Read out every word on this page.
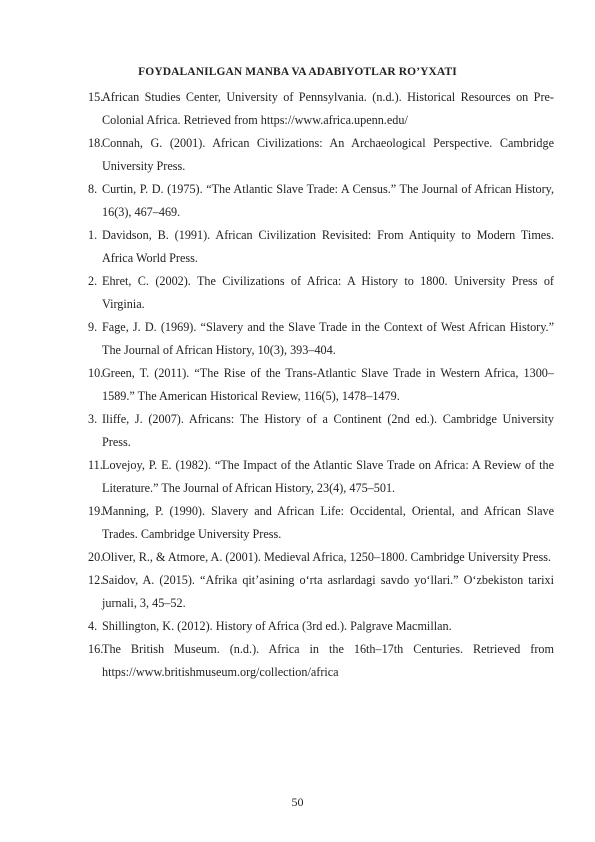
FOYDALANILGAN MANBA VA ADABIYOTLAR RO’YXATI
15.
African Studies Center, University of Pennsylvania. (n.d.). Historical Resources on Pre-Colonial Africa. Retrieved from https://www.africa.upenn.edu/
18.
Connah, G. (2001). African Civilizations: An Archaeological Perspective. Cambridge University Press.
8. Curtin, P. D. (1975). “The Atlantic Slave Trade: A Census.” The Journal of African History, 16(3), 467–469.
1. Davidson, B. (1991). African Civilization Revisited: From Antiquity to Modern Times. Africa World Press.
2. Ehret, C. (2002). The Civilizations of Africa: A History to 1800. University Press of Virginia.
9. Fage, J. D. (1969). “Slavery and the Slave Trade in the Context of West African History.” The Journal of African History, 10(3), 393–404.
10.
Green, T. (2011). “The Rise of the Trans-Atlantic Slave Trade in Western Africa, 1300–1589.” The American Historical Review, 116(5), 1478–1479.
3. Iliffe, J. (2007). Africans: The History of a Continent (2nd ed.). Cambridge University Press.
11. Lovejoy, P. E. (1982). “The Impact of the Atlantic Slave Trade on Africa: A Review of the Literature.” The Journal of African History, 23(4), 475–501.
19.
Manning, P. (1990). Slavery and African Life: Occidental, Oriental, and African Slave Trades. Cambridge University Press.
20.
Oliver, R., & Atmore, A. (2001). Medieval Africa, 1250–1800. Cambridge University Press.
12.
Saidov, A. (2015). “Afrika qit’asining o‘rta asrlardagi savdo yo‘llari.” O‘zbekiston tarixi jurnali, 3, 45–52.
4. Shillington, K. (2012). History of Africa (3rd ed.). Palgrave Macmillan.
16.
The British Museum. (n.d.). Africa in the 16th–17th Centuries. Retrieved from https://www.britishmuseum.org/collection/africa
50
